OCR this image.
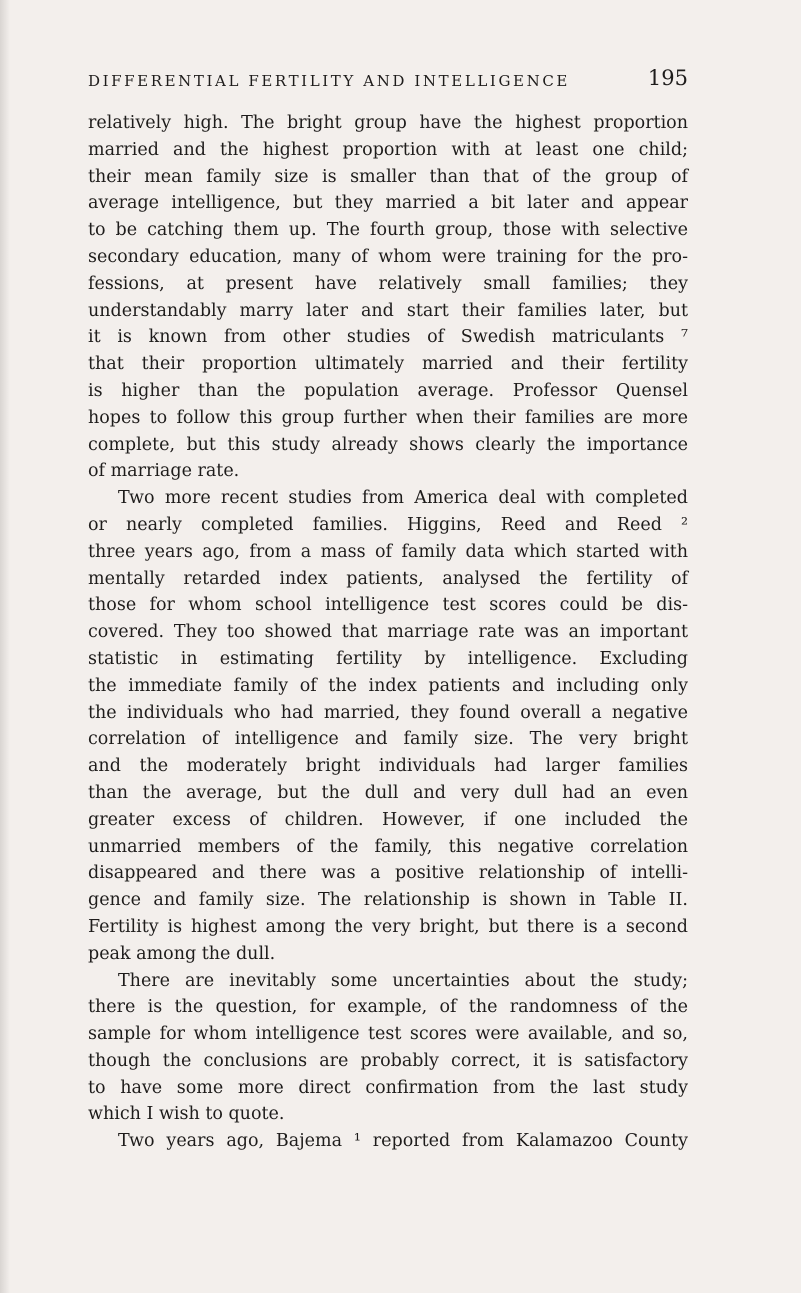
DIFFERENTIAL FERTILITY AND INTELLIGENCE	195
relatively high. The bright group have the highest proportion
married and the highest proportion with at least one child;
their mean family size is smaller than that of the group of
average intelligence, but they married a bit later and appear
to be catching them up. The fourth group, those with selective
secondary education, many of whom were training for the pro-
fessions, at present have relatively small families; they
understandably marry later and start their families later, but
it is known from other studies of Swedish matriculants ⁷
that their proportion ultimately married and their fertility
is higher than the population average. Professor Quensel
hopes to follow this group further when their families are more
complete, but this study already shows clearly the importance
of marriage rate.
Two more recent studies from America deal with completed
or nearly completed families. Higgins, Reed and Reed ²
three years ago, from a mass of family data which started with
mentally retarded index patients, analysed the fertility of
those for whom school intelligence test scores could be dis-
covered. They too showed that marriage rate was an important
statistic in estimating fertility by intelligence. Excluding
the immediate family of the index patients and including only
the individuals who had married, they found overall a negative
correlation of intelligence and family size. The very bright
and the moderately bright individuals had larger families
than the average, but the dull and very dull had an even
greater excess of children. However, if one included the
unmarried members of the family, this negative correlation
disappeared and there was a positive relationship of intelli-
gence and family size. The relationship is shown in Table II.
Fertility is highest among the very bright, but there is a second
peak among the dull.
There are inevitably some uncertainties about the study;
there is the question, for example, of the randomness of the
sample for whom intelligence test scores were available, and so,
though the conclusions are probably correct, it is satisfactory
to have some more direct confirmation from the last study
which I wish to quote.
Two years ago, Bajema ¹ reported from Kalamazoo County
